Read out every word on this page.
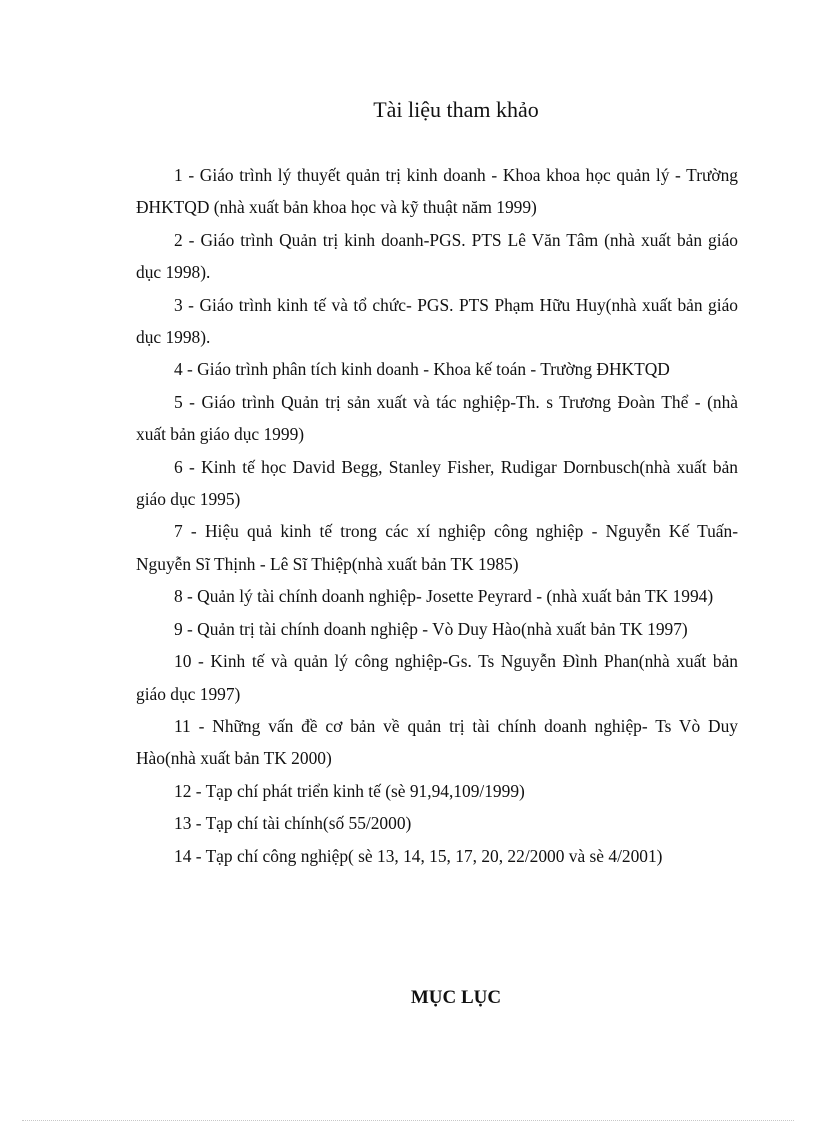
Tài liệu tham khảo
1 - Giáo trình lý thuyết quản trị kinh doanh - Khoa khoa học quản lý - Trường ĐHKTQD (nhà xuất bản khoa học và kỹ thuật năm 1999)
2 - Giáo trình Quản trị kinh doanh-PGS. PTS Lê Văn Tâm (nhà xuất bản giáo dục 1998).
3 - Giáo trình kinh tế và tổ chức- PGS. PTS Phạm Hữu Huy(nhà xuất bản giáo dục 1998).
4 - Giáo trình phân tích kinh doanh - Khoa kế toán - Trường ĐHKTQD
5 - Giáo trình Quản trị sản xuất và tác nghiệp-Th. s Trương Đoàn Thể - (nhà xuất bản giáo dục 1999)
6 - Kinh tế học David Begg, Stanley Fisher, Rudigar Dornbusch(nhà xuất bản giáo dục 1995)
7 - Hiệu quả kinh tế trong các xí nghiệp công nghiệp - Nguyễn Kế Tuấn- Nguyễn Sĩ Thịnh - Lê Sĩ Thiệp(nhà xuất bản TK 1985)
8 - Quản lý tài chính doanh nghiệp- Josette Peyrard - (nhà xuất bản TK 1994)
9 - Quản trị tài chính doanh nghiệp - Vò Duy Hào(nhà xuất bản TK 1997)
10 - Kinh tế và quản lý công nghiệp-Gs. Ts Nguyễn Đình Phan(nhà xuất bản giáo dục 1997)
11 - Những vấn đề cơ bản về quản trị tài chính doanh nghiệp- Ts Vò Duy Hào(nhà xuất bản TK 2000)
12 - Tạp chí phát triển kinh tế (sè 91,94,109/1999)
13 - Tạp chí tài chính(số 55/2000)
14 - Tạp chí công nghiệp( sè 13, 14, 15, 17, 20, 22/2000 và sè 4/2001)
MỤC LỤC
